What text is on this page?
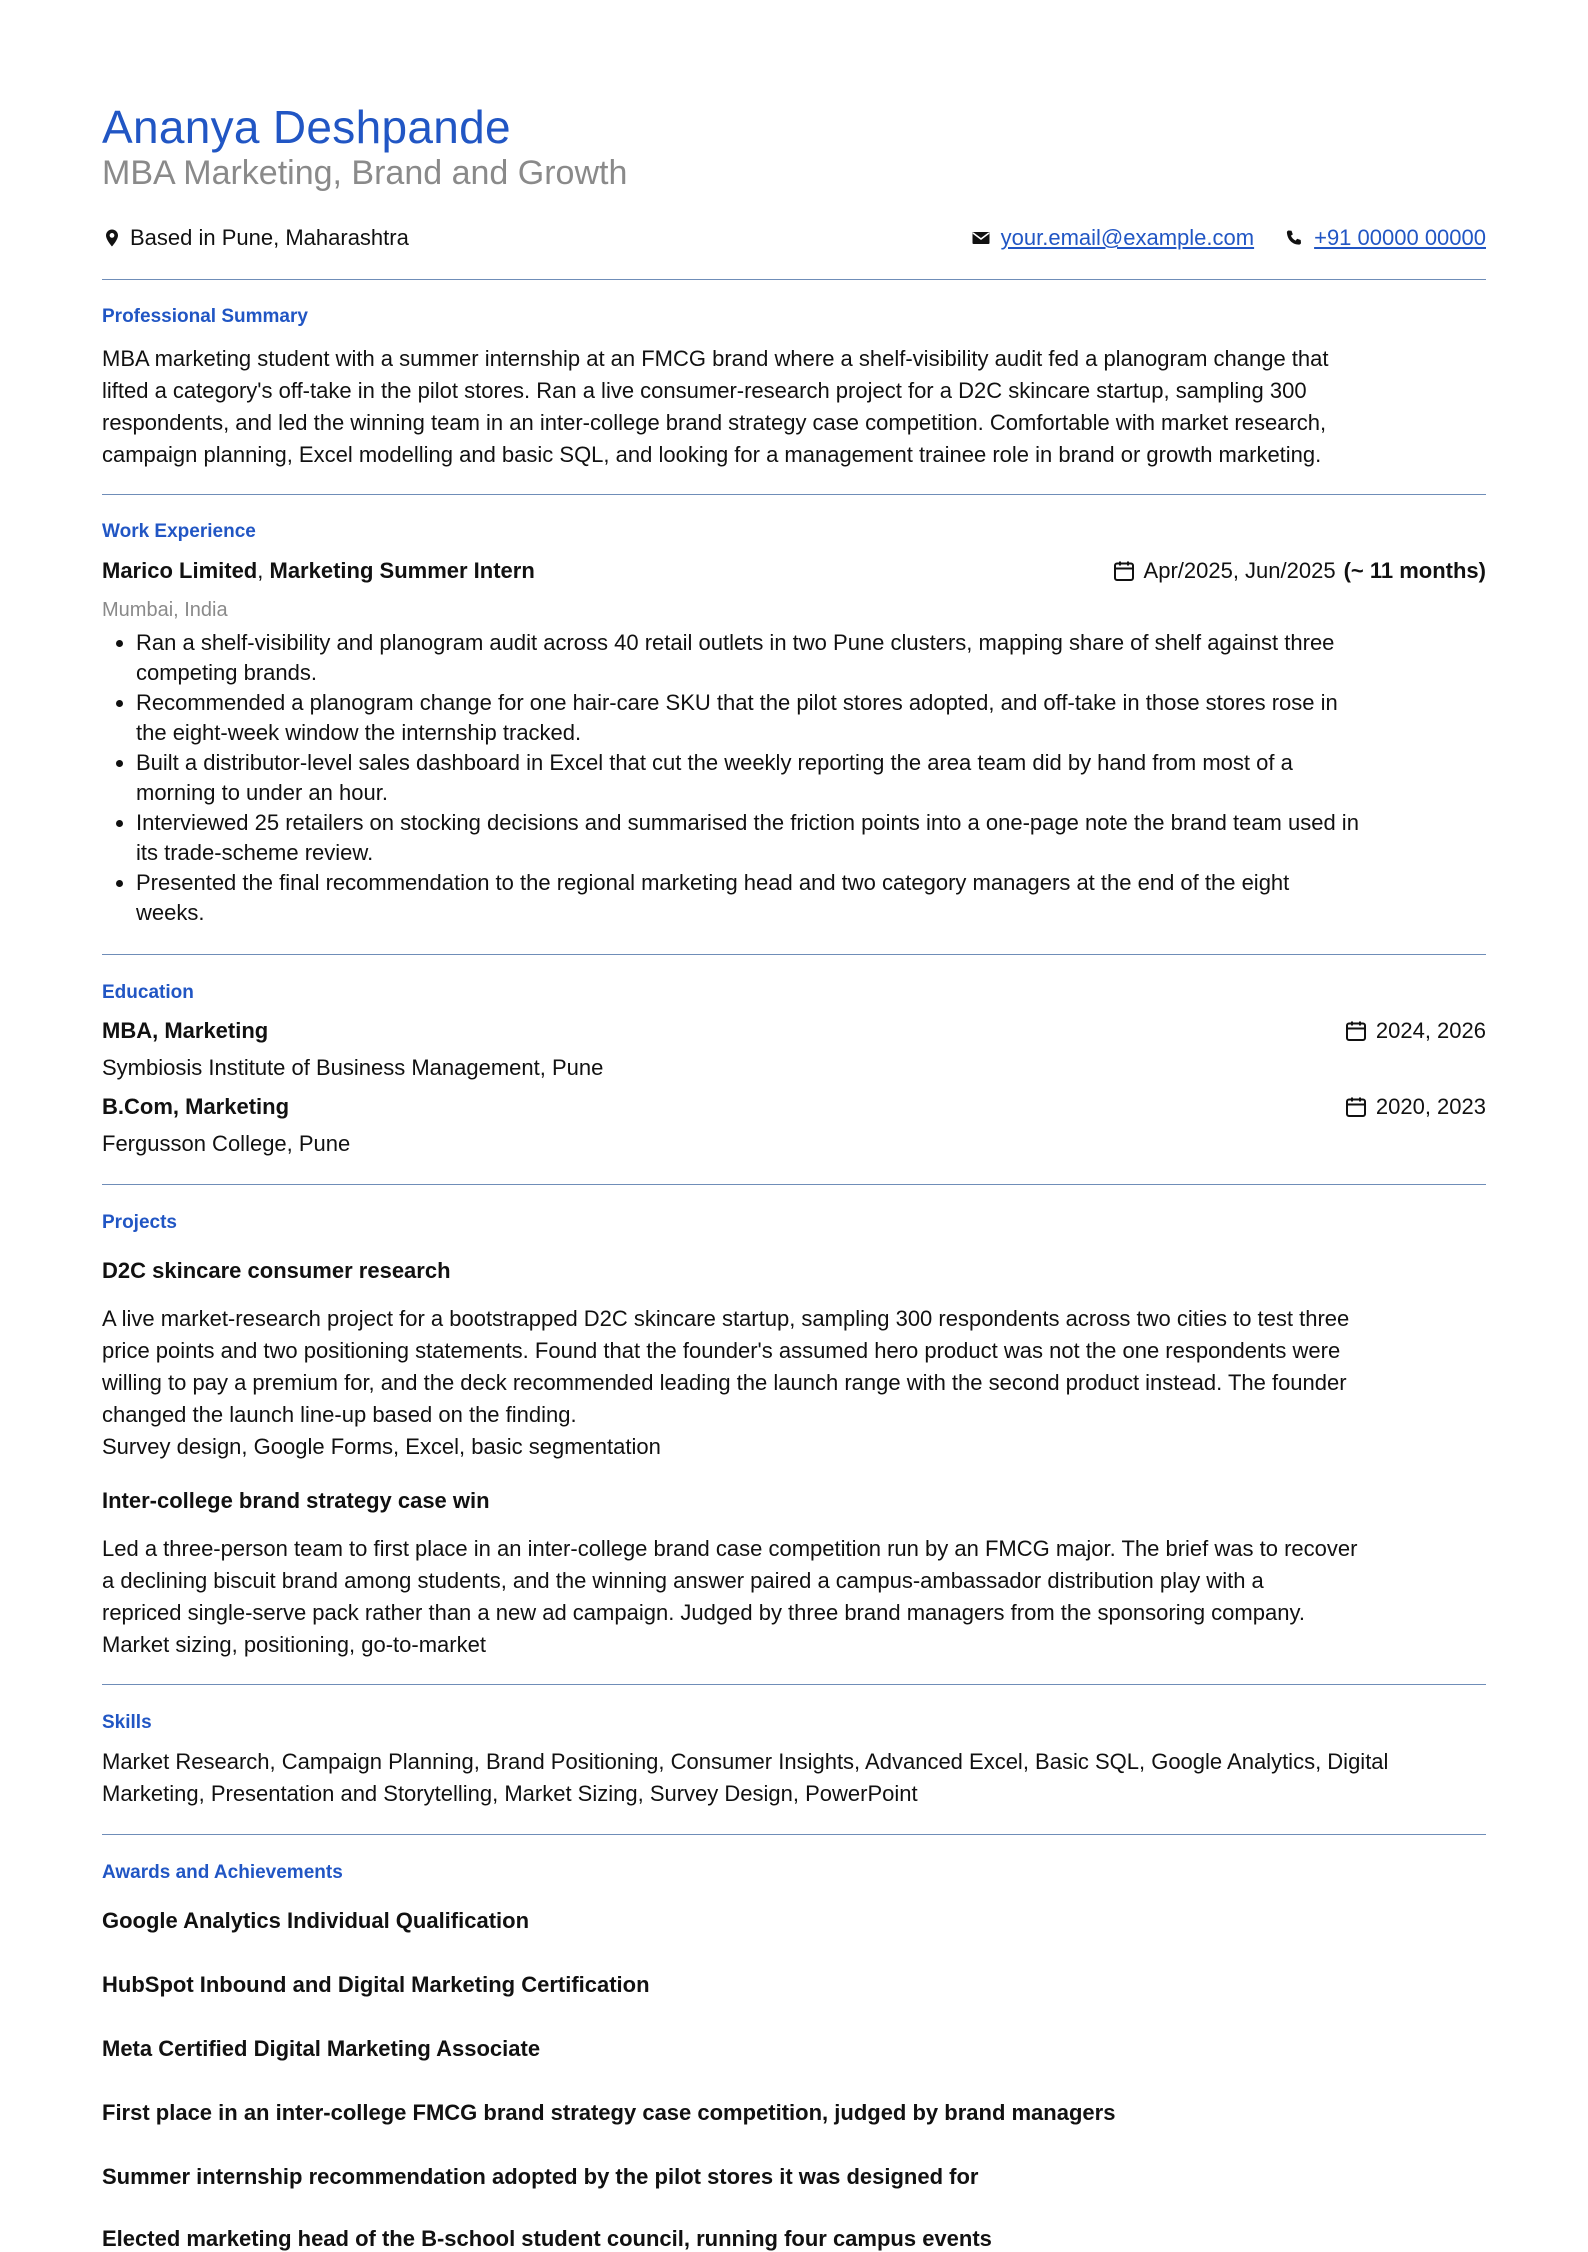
Ananya Deshpande
MBA Marketing, Brand and Growth
Based in Pune, Maharashtra	your.email@example.com	+91 00000 00000
Professional Summary
MBA marketing student with a summer internship at an FMCG brand where a shelf-visibility audit fed a planogram change that
lifted a category's off-take in the pilot stores. Ran a live consumer-research project for a D2C skincare startup, sampling 300
respondents, and led the winning team in an inter-college brand strategy case competition. Comfortable with market research,
campaign planning, Excel modelling and basic SQL, and looking for a management trainee role in brand or growth marketing.
Work Experience
Marico Limited, Marketing Summer Intern	Apr/2025, Jun/2025 (~ 11 months)
Mumbai, India
• Ran a shelf-visibility and planogram audit across 40 retail outlets in two Pune clusters, mapping share of shelf against three
competing brands.
• Recommended a planogram change for one hair-care SKU that the pilot stores adopted, and off-take in those stores rose in
the eight-week window the internship tracked.
• Built a distributor-level sales dashboard in Excel that cut the weekly reporting the area team did by hand from most of a
morning to under an hour.
• Interviewed 25 retailers on stocking decisions and summarised the friction points into a one-page note the brand team used in
its trade-scheme review.
• Presented the final recommendation to the regional marketing head and two category managers at the end of the eight
weeks.
Education
MBA, Marketing	2024, 2026
Symbiosis Institute of Business Management, Pune
B.Com, Marketing	2020, 2023
Fergusson College, Pune
Projects
D2C skincare consumer research
A live market-research project for a bootstrapped D2C skincare startup, sampling 300 respondents across two cities to test three
price points and two positioning statements. Found that the founder's assumed hero product was not the one respondents were
willing to pay a premium for, and the deck recommended leading the launch range with the second product instead. The founder
changed the launch line-up based on the finding.
Survey design, Google Forms, Excel, basic segmentation
Inter-college brand strategy case win
Led a three-person team to first place in an inter-college brand case competition run by an FMCG major. The brief was to recover
a declining biscuit brand among students, and the winning answer paired a campus-ambassador distribution play with a
repriced single-serve pack rather than a new ad campaign. Judged by three brand managers from the sponsoring company.
Market sizing, positioning, go-to-market
Skills
Market Research, Campaign Planning, Brand Positioning, Consumer Insights, Advanced Excel, Basic SQL, Google Analytics, Digital
Marketing, Presentation and Storytelling, Market Sizing, Survey Design, PowerPoint
Awards and Achievements
Google Analytics Individual Qualification
HubSpot Inbound and Digital Marketing Certification
Meta Certified Digital Marketing Associate
First place in an inter-college FMCG brand strategy case competition, judged by brand managers
Summer internship recommendation adopted by the pilot stores it was designed for
Elected marketing head of the B-school student council, running four campus events
